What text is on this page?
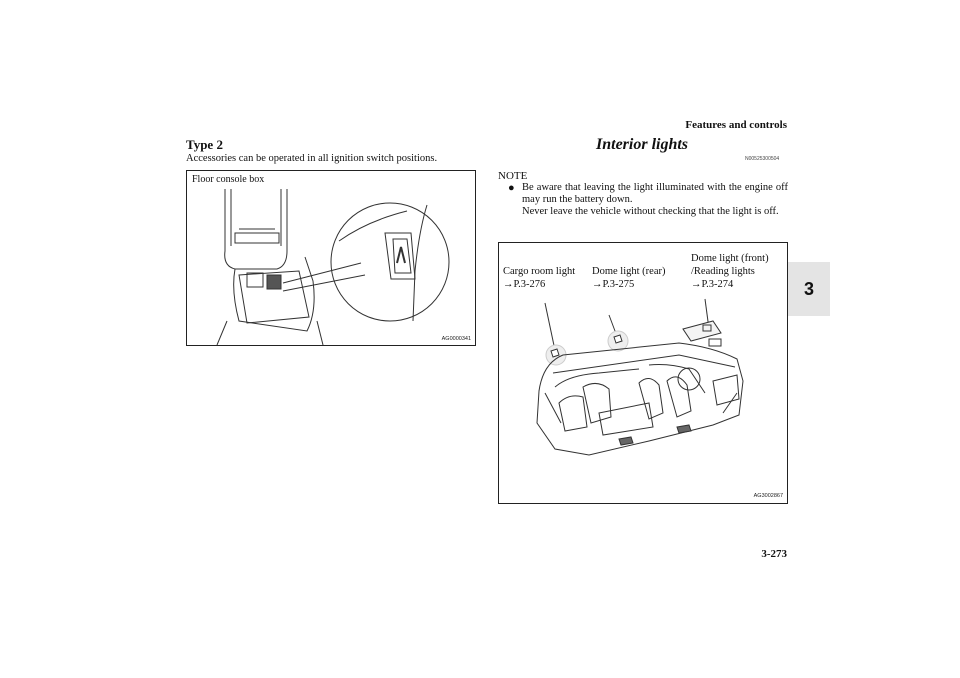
Features and controls
3-273
3
Type 2
Accessories can be operated in all ignition switch positions.
Floor console box
AG0000341
Interior lights
N00525300504
NOTE
● Be aware that leaving the light illuminated with the engine off may run the battery down.

Never leave the vehicle without checking that the light is off.

Cargo room light
→P.3-276
Dome light (rear)
→P.3-275
Dome light (front)
/Reading lights
→P.3-274
AG3002867
